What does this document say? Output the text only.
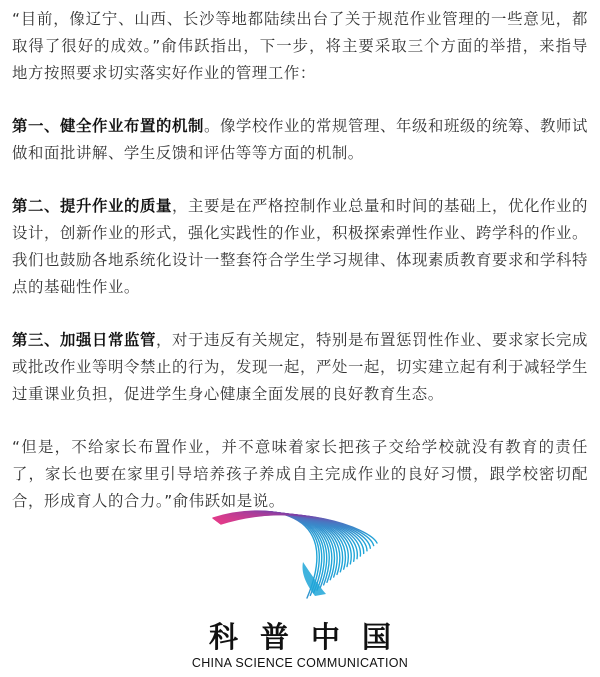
“目前，像辽宁、山西、长沙等地都陆续出台了关于规范作业管理的一些意见，都取得了很好的成效。”俞伟跃指出，下一步，将主要采取三个方面的举措，来指导地方按照要求切实落实好作业的管理工作：

第一、健全作业布置的机制。像学校作业的常规管理、年级和班级的统筹、教师试做和面批讲解、学生反馈和评估等等方面的机制。

第二、提升作业的质量，主要是在严格控制作业总量和时间的基础上，优化作业的设计，创新作业的形式，强化实践性的作业，积极探索弹性作业、跨学科的作业。我们也鼓励各地系统化设计一整套符合学生学习规律、体现素质教育要求和学科特点的基础性作业。

第三、加强日常监管，对于违反有关规定，特别是布置惩罚性作业、要求家长完成或批改作业等明令禁止的行为，发现一起，严处一起，切实建立起有利于减轻学生过重课业负担，促进学生身心健康全面发展的良好教育生态。

“但是，不给家长布置作业，并不意味着家长把孩子交给学校就没有教育的责任了，家长也要在家里引导培养孩子养成自主完成作业的良好习惯，跟学校密切配合，形成育人的合力。”俞伟跃如是说。

科普中国
CHINA SCIENCE COMMUNICATION
